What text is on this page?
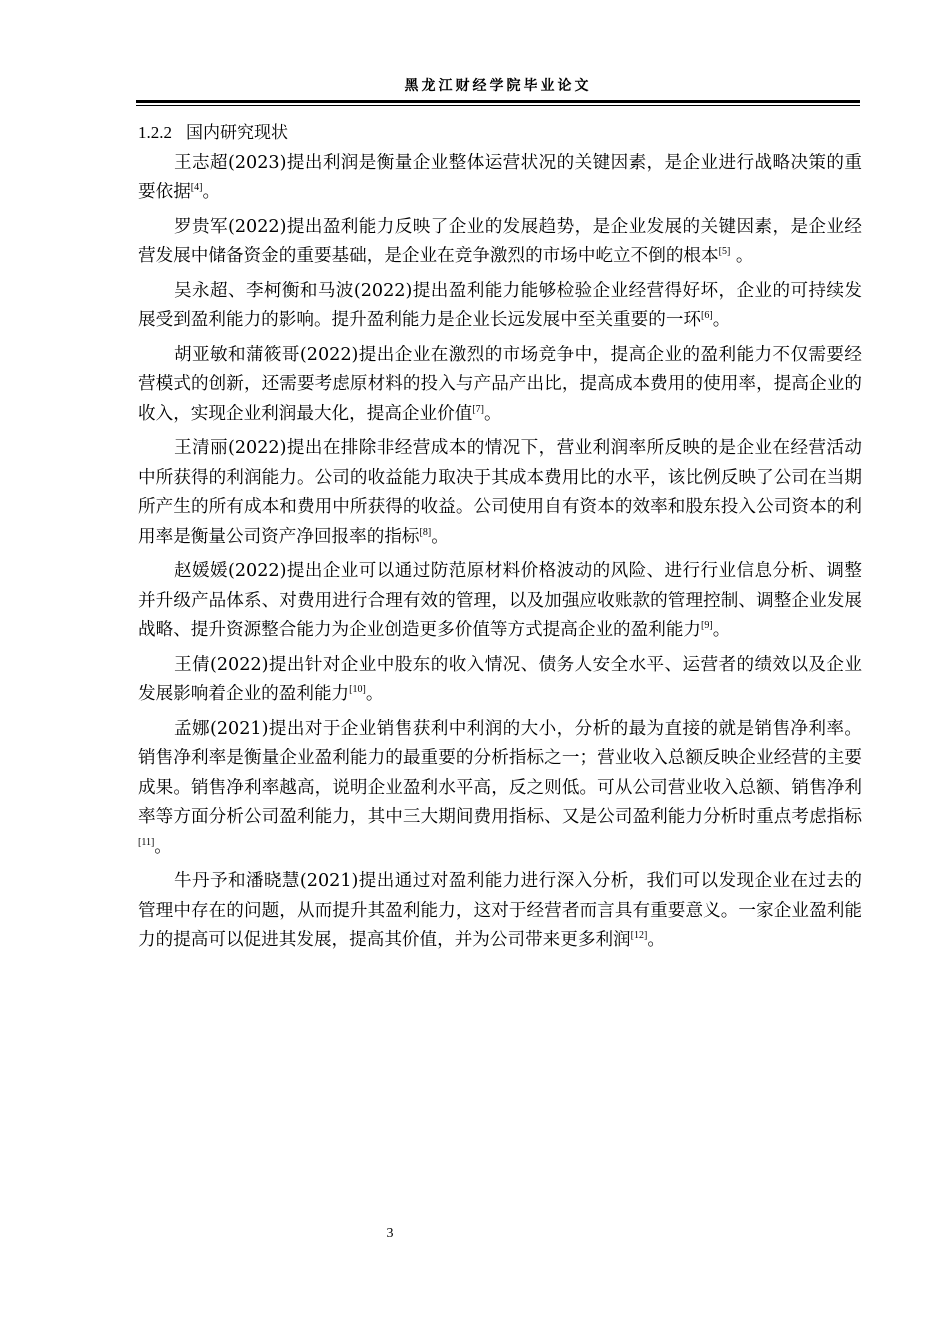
黑龙江财经学院毕业论文
1.2.2 国内研究现状

王志超(2023)提出利润是衡量企业整体运营状况的关键因素，是企业进行战略决策的重要依据[4]。

罗贵军(2022)提出盈利能力反映了企业的发展趋势，是企业发展的关键因素，是企业经营发展中储备资金的重要基础，是企业在竞争激烈的市场中屹立不倒的根本[5] 。

吴永超、李柯衡和马波(2022)提出盈利能力能够检验企业经营得好坏，企业的可持续发展受到盈利能力的影响。提升盈利能力是企业长远发展中至关重要的一环[6]。

胡亚敏和蒲筱哥(2022)提出企业在激烈的市场竞争中，提高企业的盈利能力不仅需要经营模式的创新，还需要考虑原材料的投入与产品产出比，提高成本费用的使用率，提高企业的收入，实现企业利润最大化，提高企业价值[7]。

王清丽(2022)提出在排除非经营成本的情况下，营业利润率所反映的是企业在经营活动中所获得的利润能力。公司的收益能力取决于其成本费用比的水平，该比例反映了公司在当期所产生的所有成本和费用中所获得的收益。公司使用自有资本的效率和股东投入公司资本的利用率是衡量公司资产净回报率的指标[8]。

赵媛媛(2022)提出企业可以通过防范原材料价格波动的风险、进行行业信息分析、调整并升级产品体系、对费用进行合理有效的管理，以及加强应收账款的管理控制、调整企业发展战略、提升资源整合能力为企业创造更多价值等方式提高企业的盈利能力[9]。

王倩(2022)提出针对企业中股东的收入情况、债务人安全水平、运营者的绩效以及企业发展影响着企业的盈利能力[10]。

孟娜(2021)提出对于企业销售获利中利润的大小，分析的最为直接的就是销售净利率。销售净利率是衡量企业盈利能力的最重要的分析指标之一；营业收入总额反映企业经营的主要成果。销售净利率越高，说明企业盈利水平高，反之则低。可从公司营业收入总额、销售净利率等方面分析公司盈利能力，其中三大期间费用指标、又是公司盈利能力分析时重点考虑指标[11]。

牛丹予和潘晓慧(2021)提出通过对盈利能力进行深入分析，我们可以发现企业在过去的管理中存在的问题，从而提升其盈利能力，这对于经营者而言具有重要意义。一家企业盈利能力的提高可以促进其发展，提高其价值，并为公司带来更多利润[12]。

3
